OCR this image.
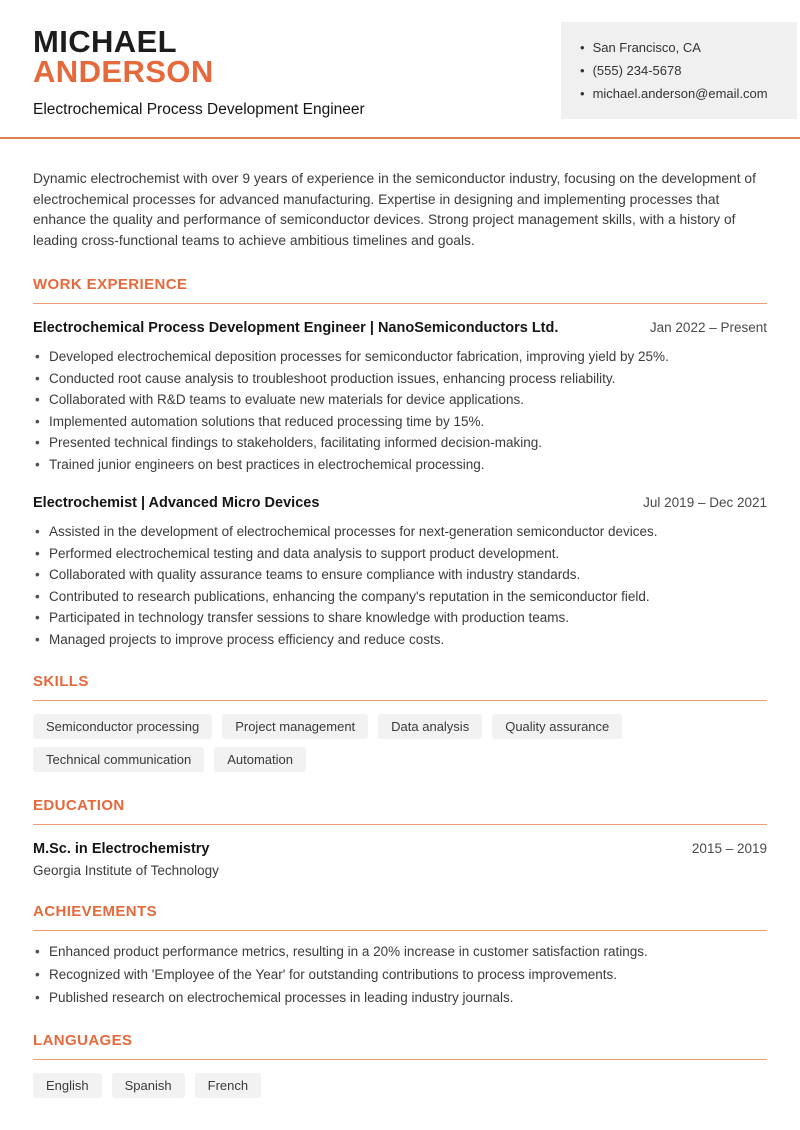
MICHAEL
ANDERSON
Electrochemical Process Development Engineer
• San Francisco, CA
• (555) 234-5678
• michael.anderson@email.com

Dynamic electrochemist with over 9 years of experience in the semiconductor industry, focusing on the development of electrochemical processes for advanced manufacturing. Expertise in designing and implementing processes that enhance the quality and performance of semiconductor devices. Strong project management skills, with a history of leading cross-functional teams to achieve ambitious timelines and goals.

WORK EXPERIENCE
Electrochemical Process Development Engineer | NanoSemiconductors Ltd.	Jan 2022 – Present
• Developed electrochemical deposition processes for semiconductor fabrication, improving yield by 25%.
• Conducted root cause analysis to troubleshoot production issues, enhancing process reliability.
• Collaborated with R&D teams to evaluate new materials for device applications.
• Implemented automation solutions that reduced processing time by 15%.
• Presented technical findings to stakeholders, facilitating informed decision-making.
• Trained junior engineers on best practices in electrochemical processing.
Electrochemist | Advanced Micro Devices	Jul 2019 – Dec 2021
• Assisted in the development of electrochemical processes for next-generation semiconductor devices.
• Performed electrochemical testing and data analysis to support product development.
• Collaborated with quality assurance teams to ensure compliance with industry standards.
• Contributed to research publications, enhancing the company's reputation in the semiconductor field.
• Participated in technology transfer sessions to share knowledge with production teams.
• Managed projects to improve process efficiency and reduce costs.
SKILLS
Semiconductor processing	Project management	Data analysis	Quality assurance
Technical communication	Automation
EDUCATION
M.Sc. in Electrochemistry	2015 – 2019
Georgia Institute of Technology
ACHIEVEMENTS
• Enhanced product performance metrics, resulting in a 20% increase in customer satisfaction ratings.
• Recognized with 'Employee of the Year' for outstanding contributions to process improvements.
• Published research on electrochemical processes in leading industry journals.
LANGUAGES
English	Spanish	French
